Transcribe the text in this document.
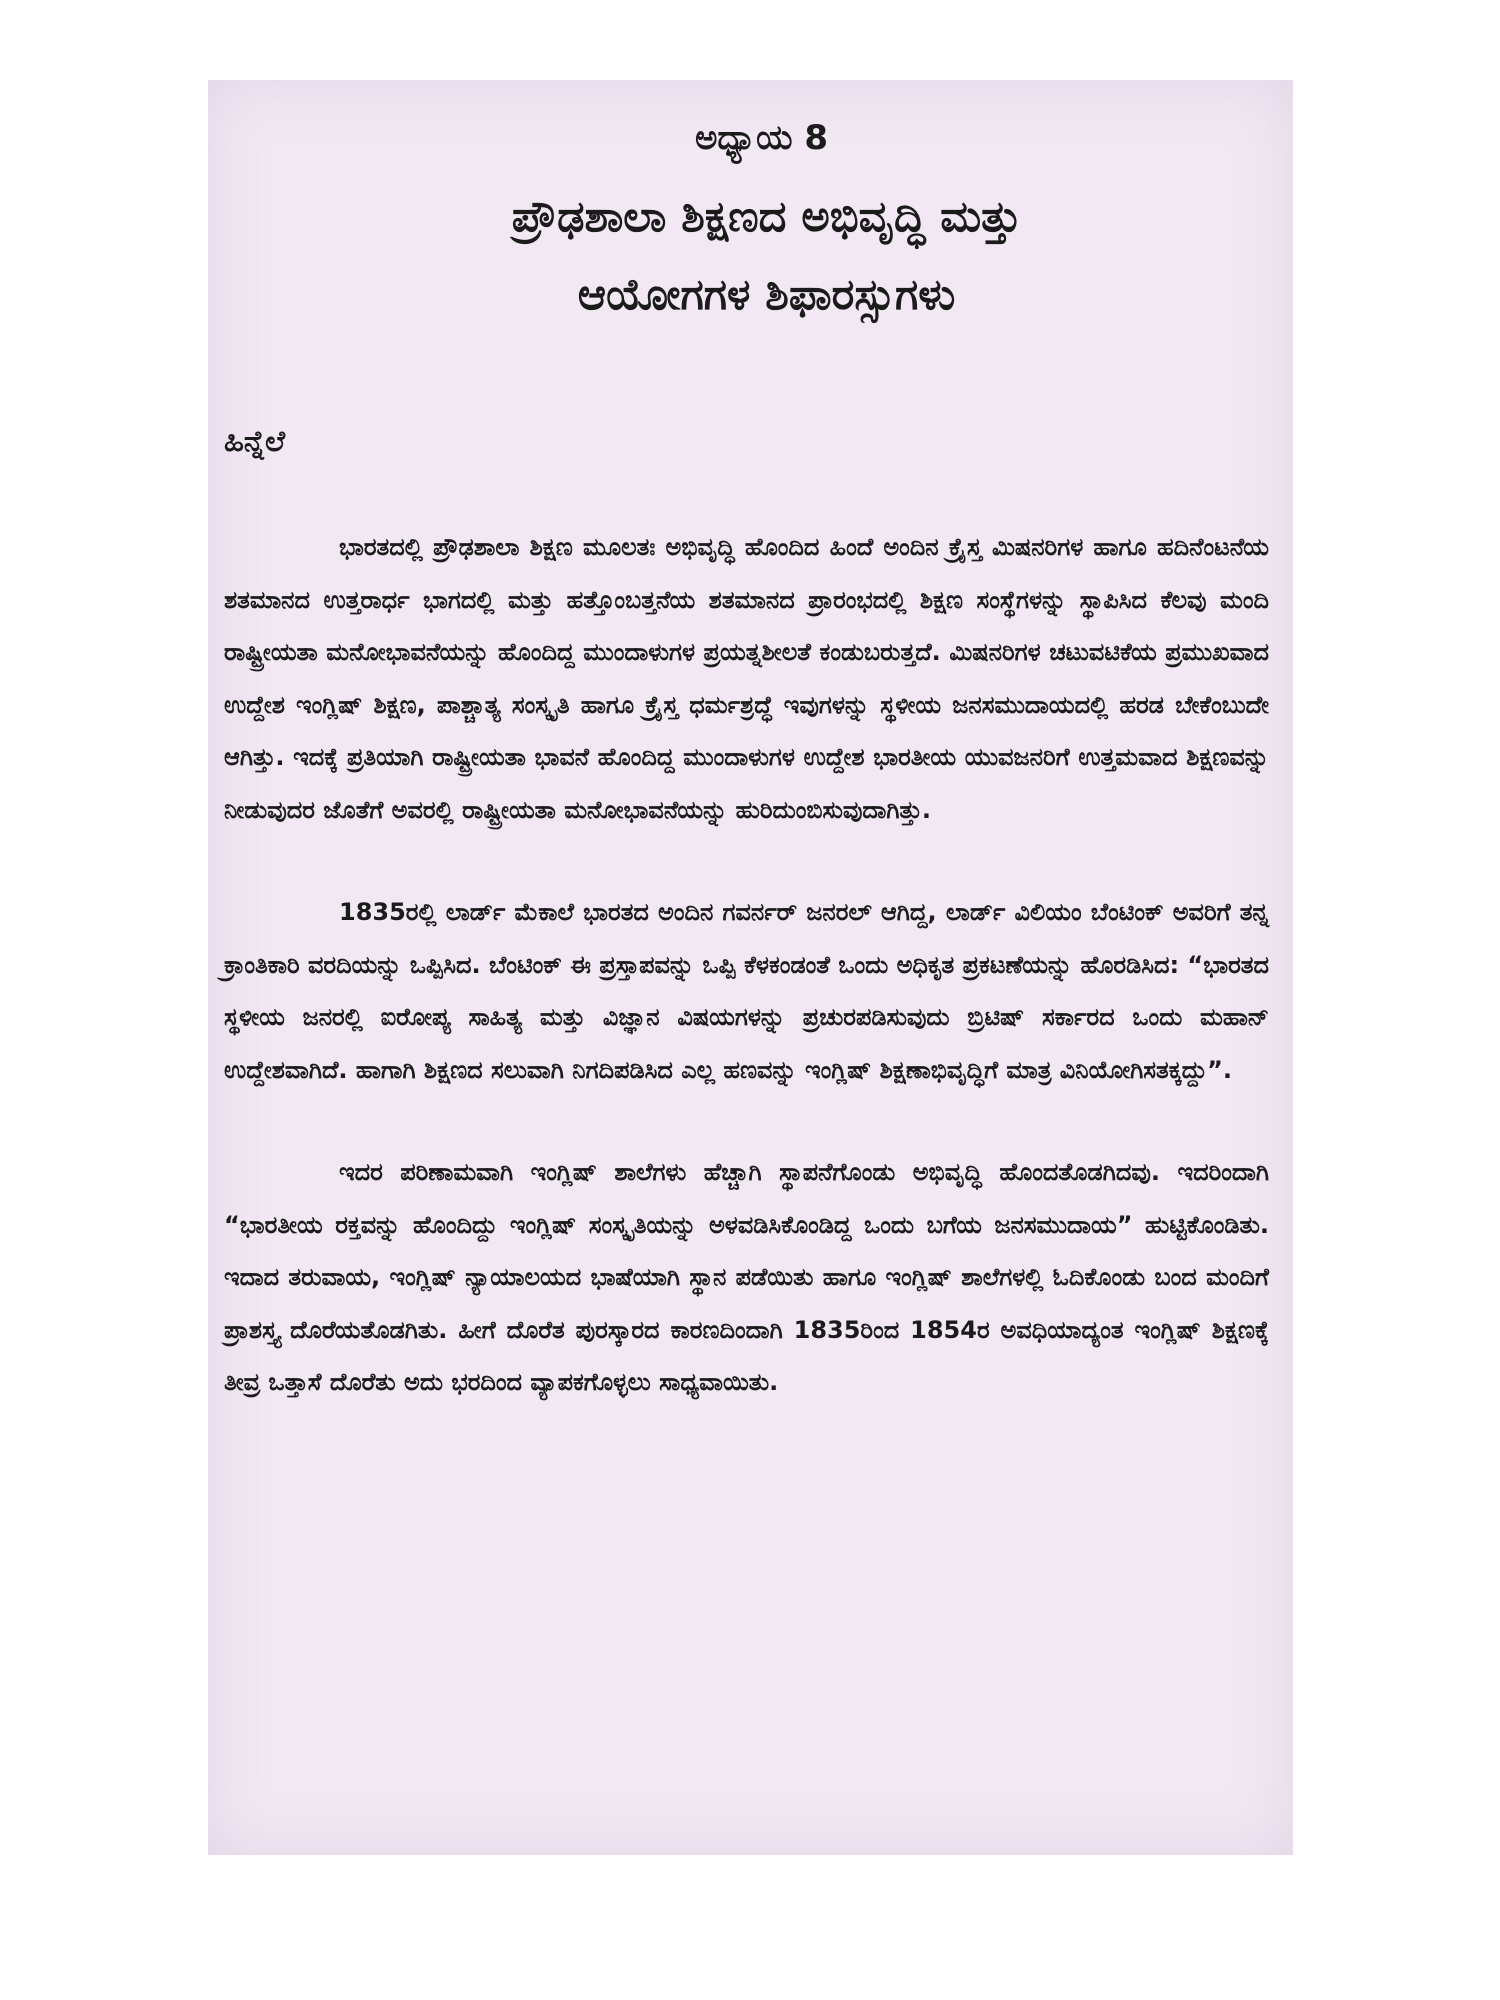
ಅಧ್ಯಾಯ 8
ಪ್ರೌಢಶಾಲಾ ಶಿಕ್ಷಣದ ಅಭಿವೃದ್ಧಿ ಮತ್ತು
ಆಯೋಗಗಳ ಶಿಫಾರಸ್ಸುಗಳು
ಹಿನ್ನೆಲೆ

ಭಾರತದಲ್ಲಿ ಪ್ರೌಢಶಾಲಾ ಶಿಕ್ಷಣ ಮೂಲತಃ ಅಭಿವೃದ್ಧಿ ಹೊಂದಿದ ಹಿಂದೆ ಅಂದಿನ ಕ್ರೈಸ್ತ ಮಿಷನರಿಗಳ ಹಾಗೂ ಹದಿನೆಂಟನೆಯ ಶತಮಾನದ ಉತ್ತರಾರ್ಧ ಭಾಗದಲ್ಲಿ ಮತ್ತು ಹತ್ತೊಂಬತ್ತನೆಯ ಶತಮಾನದ ಪ್ರಾರಂಭದಲ್ಲಿ ಶಿಕ್ಷಣ ಸಂಸ್ಥೆಗಳನ್ನು ಸ್ಥಾಪಿಸಿದ ಕೆಲವು ಮಂದಿ ರಾಷ್ಟ್ರೀಯತಾ ಮನೋಭಾವನೆಯನ್ನು ಹೊಂದಿದ್ದ ಮುಂದಾಳುಗಳ ಪ್ರಯತ್ನಶೀಲತೆ ಕಂಡುಬರುತ್ತದೆ. ಮಿಷನರಿಗಳ ಚಟುವಟಿಕೆಯ ಪ್ರಮುಖವಾದ ಉದ್ದೇಶ ಇಂಗ್ಲಿಷ್ ಶಿಕ್ಷಣ, ಪಾಶ್ಚಾತ್ಯ ಸಂಸ್ಕೃತಿ ಹಾಗೂ ಕ್ರೈಸ್ತ ಧರ್ಮಶ್ರದ್ಧೆ ಇವುಗಳನ್ನು ಸ್ಥಳೀಯ ಜನಸಮುದಾಯದಲ್ಲಿ ಹರಡ ಬೇಕೆಂಬುದೇ ಆಗಿತ್ತು. ಇದಕ್ಕೆ ಪ್ರತಿಯಾಗಿ ರಾಷ್ಟ್ರೀಯತಾ ಭಾವನೆ ಹೊಂದಿದ್ದ ಮುಂದಾಳುಗಳ ಉದ್ದೇಶ ಭಾರತೀಯ ಯುವಜನರಿಗೆ ಉತ್ತಮವಾದ ಶಿಕ್ಷಣವನ್ನು ನೀಡುವುದರ ಜೊತೆಗೆ ಅವರಲ್ಲಿ ರಾಷ್ಟ್ರೀಯತಾ ಮನೋಭಾವನೆಯನ್ನು ಹುರಿದುಂಬಿಸುವುದಾಗಿತ್ತು.

1835ರಲ್ಲಿ ಲಾರ್ಡ್ ಮೆಕಾಲೆ ಭಾರತದ ಅಂದಿನ ಗವರ್ನರ್ ಜನರಲ್ ಆಗಿದ್ದ, ಲಾರ್ಡ್ ವಿಲಿಯಂ ಬೆಂಟಿಂಕ್ ಅವರಿಗೆ ತನ್ನ ಕ್ರಾಂತಿಕಾರಿ ವರದಿಯನ್ನು ಒಪ್ಪಿಸಿದ. ಬೆಂಟಿಂಕ್ ಈ ಪ್ರಸ್ತಾಪವನ್ನು ಒಪ್ಪಿ ಕೆಳಕಂಡಂತೆ ಒಂದು ಅಧಿಕೃತ ಪ್ರಕಟಣೆಯನ್ನು ಹೊರಡಿಸಿದ: “ಭಾರತದ ಸ್ಥಳೀಯ ಜನರಲ್ಲಿ ಐರೋಪ್ಯ ಸಾಹಿತ್ಯ ಮತ್ತು ವಿಜ್ಞಾನ ವಿಷಯಗಳನ್ನು ಪ್ರಚುರಪಡಿಸುವುದು ಬ್ರಿಟಿಷ್ ಸರ್ಕಾರದ ಒಂದು ಮಹಾನ್ ಉದ್ದೇಶವಾಗಿದೆ. ಹಾಗಾಗಿ ಶಿಕ್ಷಣದ ಸಲುವಾಗಿ ನಿಗದಿಪಡಿಸಿದ ಎಲ್ಲ ಹಣವನ್ನು ಇಂಗ್ಲಿಷ್ ಶಿಕ್ಷಣಾಭಿವೃದ್ಧಿಗೆ ಮಾತ್ರ ವಿನಿಯೋಗಿಸತಕ್ಕದ್ದು”.

ಇದರ ಪರಿಣಾಮವಾಗಿ ಇಂಗ್ಲಿಷ್ ಶಾಲೆಗಳು ಹೆಚ್ಚಾಗಿ ಸ್ಥಾಪನೆಗೊಂಡು ಅಭಿವೃದ್ಧಿ ಹೊಂದತೊಡಗಿದವು. ಇದರಿಂದಾಗಿ “ಭಾರತೀಯ ರಕ್ತವನ್ನು ಹೊಂದಿದ್ದು ಇಂಗ್ಲಿಷ್ ಸಂಸ್ಕೃತಿಯನ್ನು ಅಳವಡಿಸಿಕೊಂಡಿದ್ದ ಒಂದು ಬಗೆಯ ಜನಸಮುದಾಯ” ಹುಟ್ಟಿಕೊಂಡಿತು. ಇದಾದ ತರುವಾಯ, ಇಂಗ್ಲಿಷ್ ನ್ಯಾಯಾಲಯದ ಭಾಷೆಯಾಗಿ ಸ್ಥಾನ ಪಡೆಯಿತು ಹಾಗೂ ಇಂಗ್ಲಿಷ್ ಶಾಲೆಗಳಲ್ಲಿ ಓದಿಕೊಂಡು ಬಂದ ಮಂದಿಗೆ ಪ್ರಾಶಸ್ತ್ಯ ದೊರೆಯತೊಡಗಿತು. ಹೀಗೆ ದೊರೆತ ಪುರಸ್ಕಾರದ ಕಾರಣದಿಂದಾಗಿ 1835ರಿಂದ 1854ರ ಅವಧಿಯಾದ್ಯಂತ ಇಂಗ್ಲಿಷ್ ಶಿಕ್ಷಣಕ್ಕೆ ತೀವ್ರ ಒತ್ತಾಸೆ ದೊರೆತು ಅದು ಭರದಿಂದ ವ್ಯಾಪಕಗೊಳ್ಳಲು ಸಾಧ್ಯವಾಯಿತು.
